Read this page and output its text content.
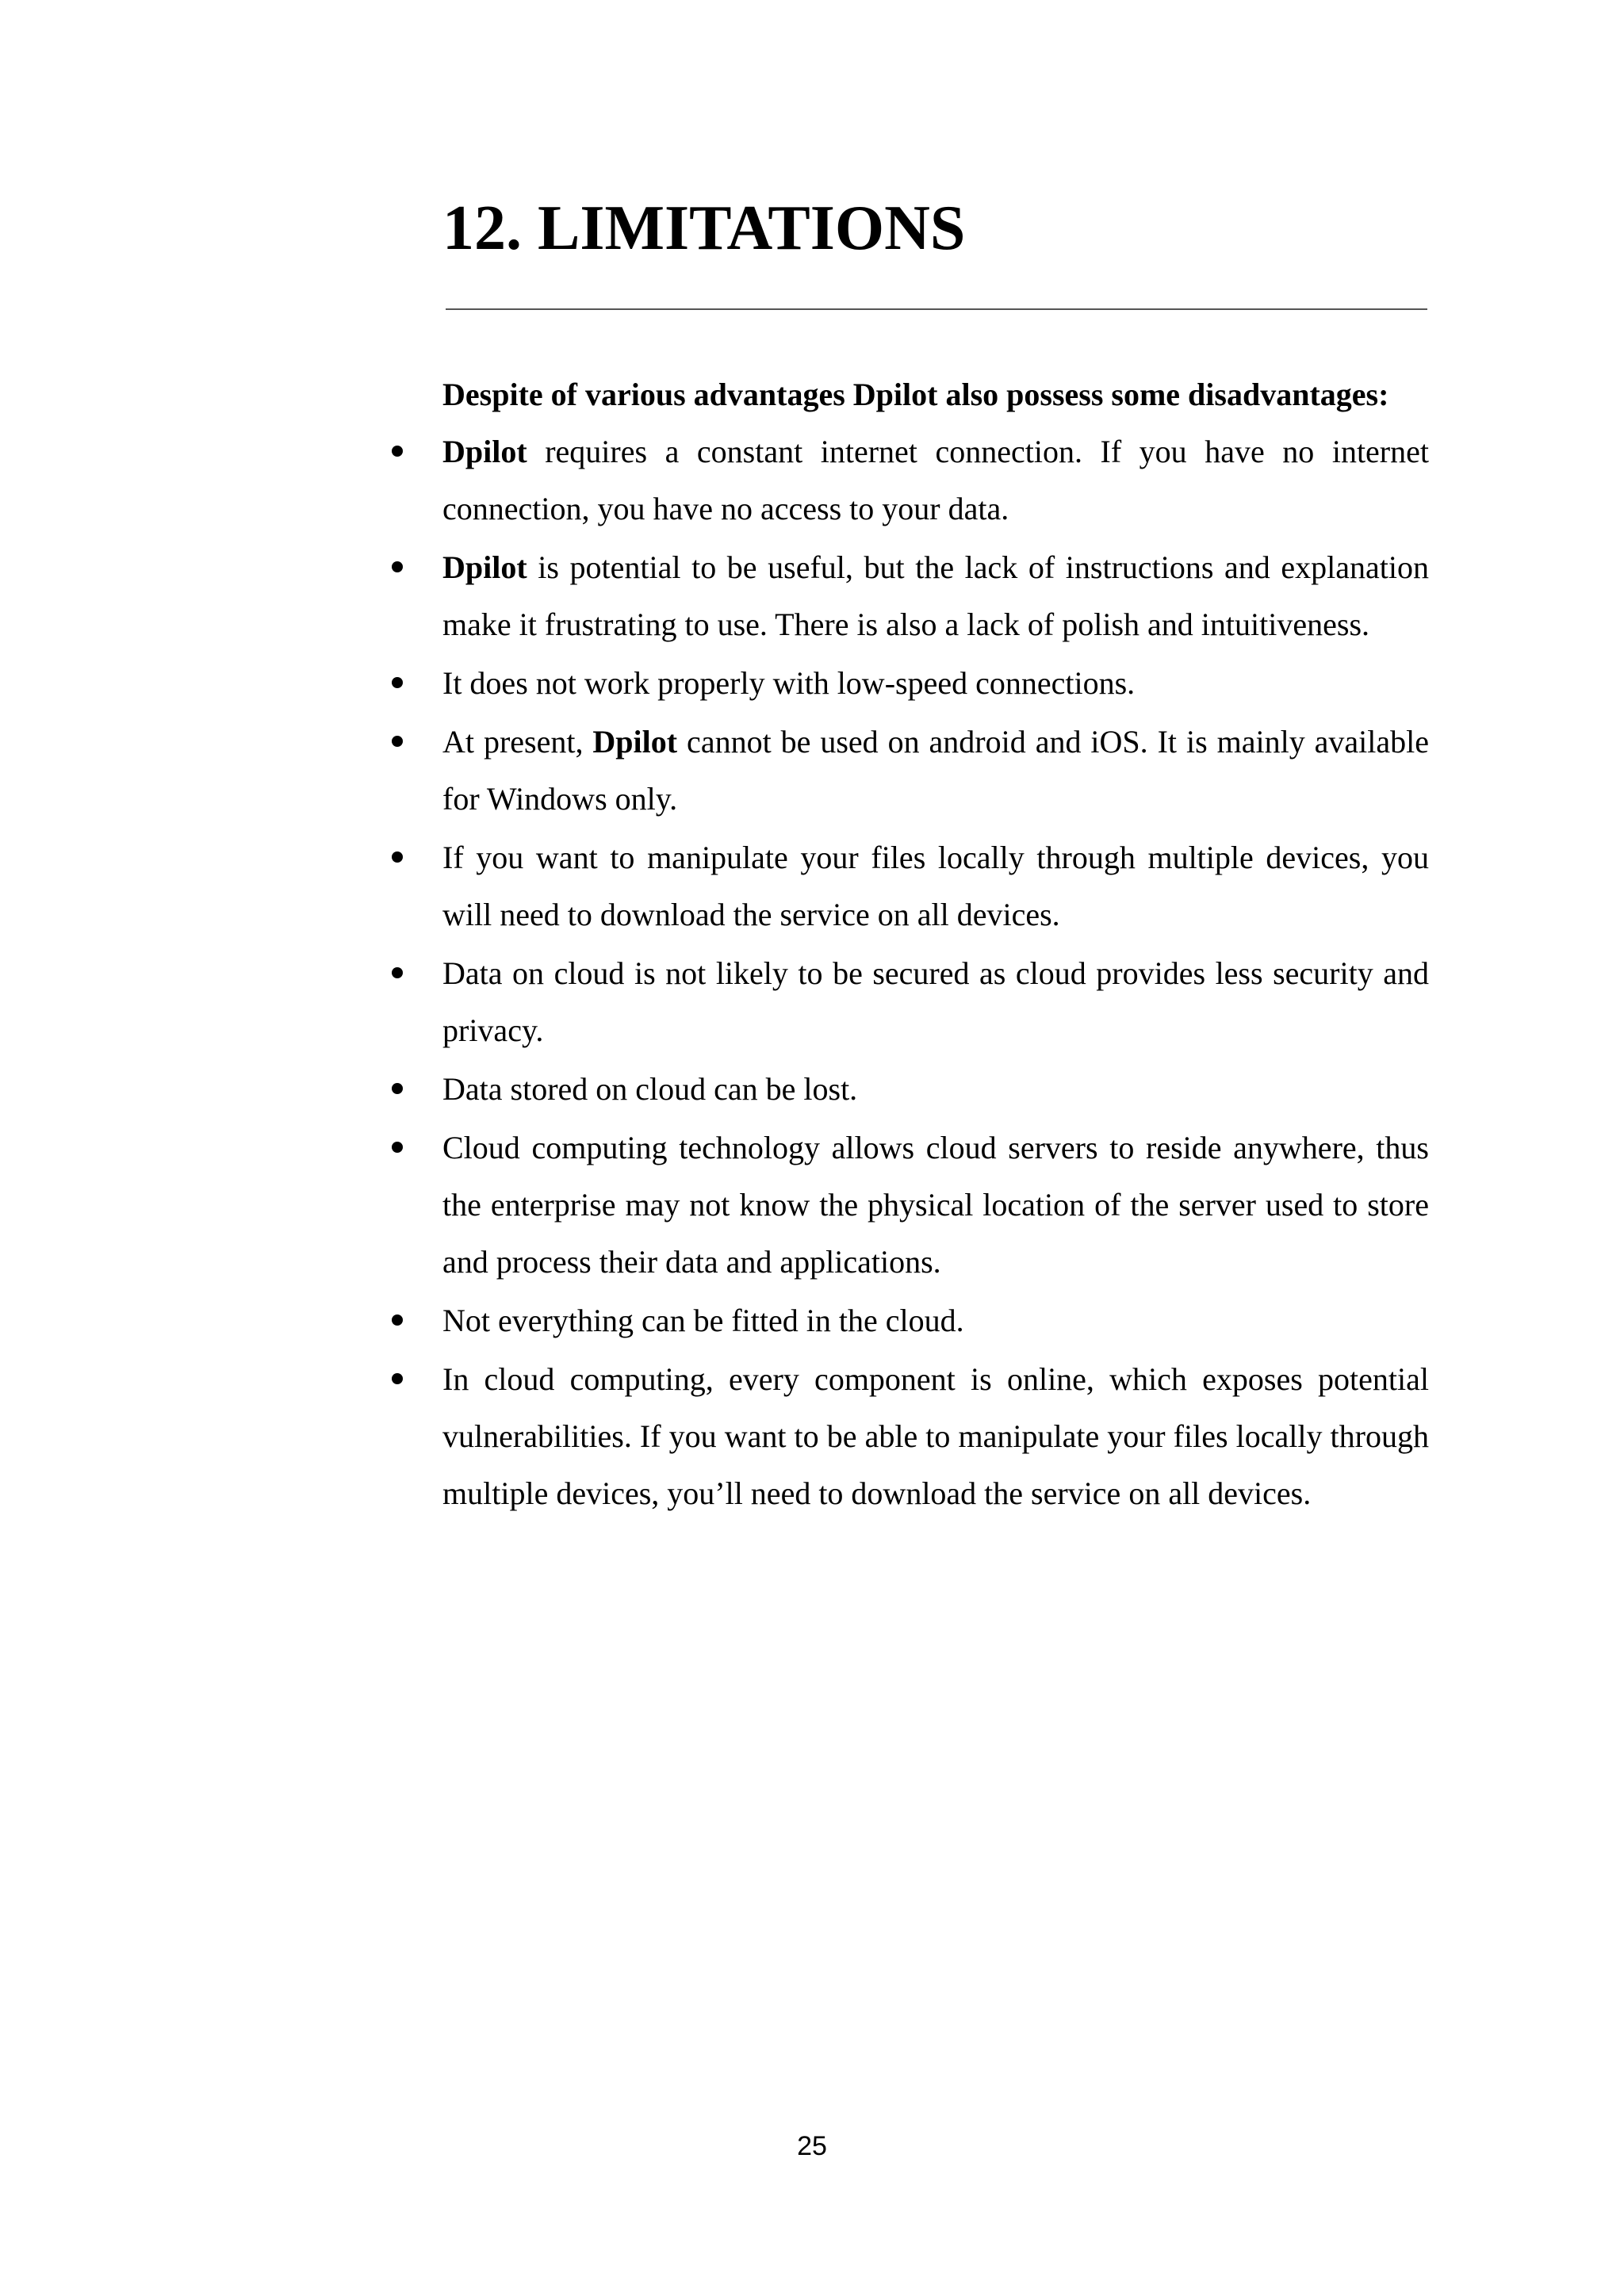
12. LIMITATIONS

Despite of various advantages Dpilot also possess some disadvantages:

Dpilot requires a constant internet connection. If you have no internet connection, you have no access to your data.
Dpilot is potential to be useful, but the lack of instructions and explanation make it frustrating to use. There is also a lack of polish and intuitiveness.
It does not work properly with low-speed connections.
At present, Dpilot cannot be used on android and iOS. It is mainly available for Windows only.
If you want to manipulate your files locally through multiple devices, you will need to download the service on all devices.
Data on cloud is not likely to be secured as cloud provides less security and privacy.
Data stored on cloud can be lost.
Cloud computing technology allows cloud servers to reside anywhere, thus the enterprise may not know the physical location of the server used to store and process their data and applications.
Not everything can be fitted in the cloud.
In cloud computing, every component is online, which exposes potential vulnerabilities. If you want to be able to manipulate your files locally through multiple devices, you’ll need to download the service on all devices.
25
